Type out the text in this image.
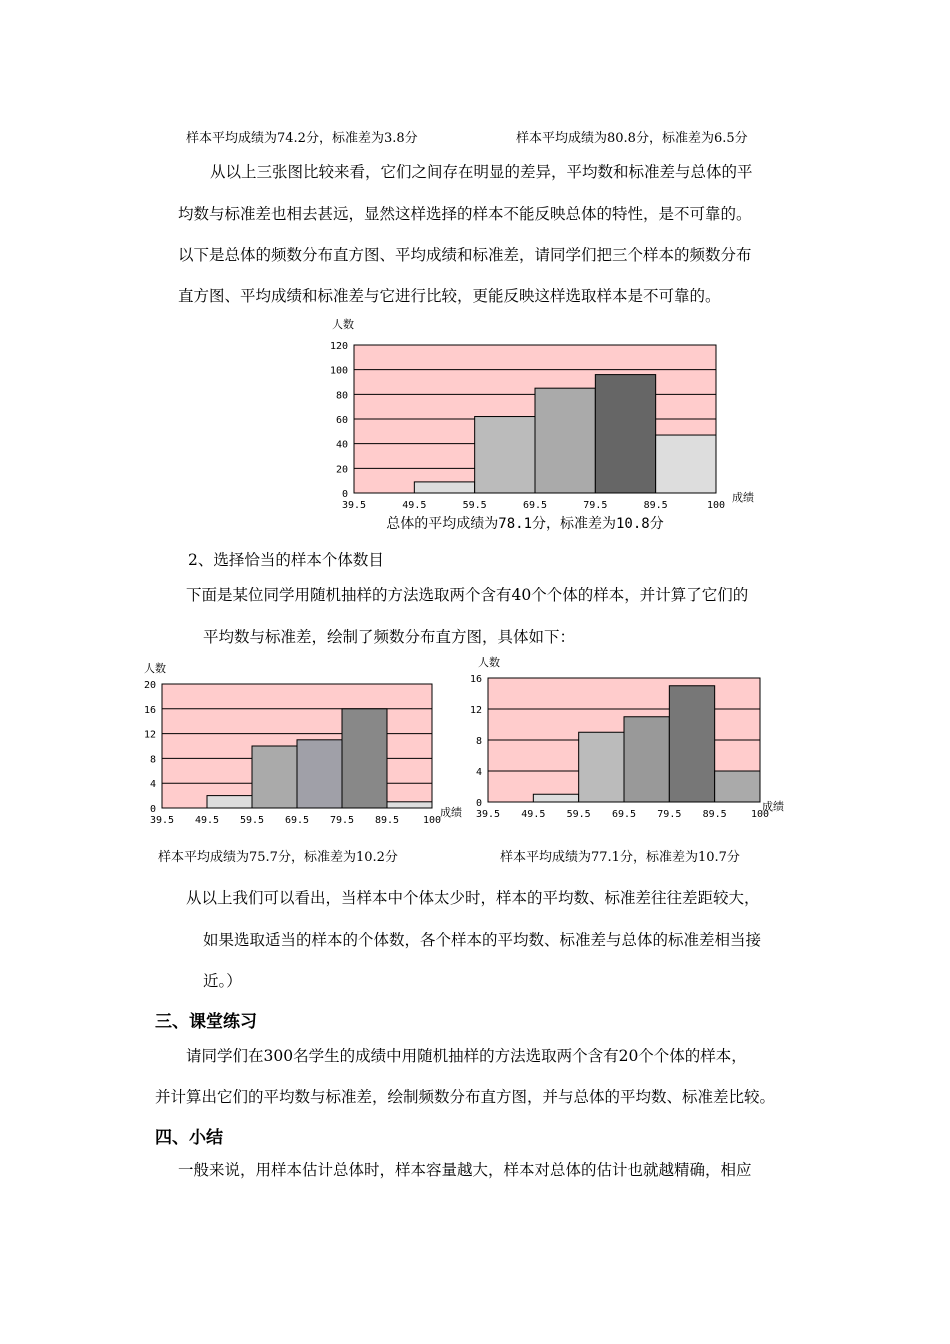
样本平均成绩为74.2分，标准差为3.8分	样本平均成绩为80.8分，标准差为6.5分
从以上三张图比较来看，它们之间存在明显的差异，平均数和标准差与总体的平
均数与标准差也相去甚远，显然这样选择的样本不能反映总体的特性，是不可靠的。
以下是总体的频数分布直方图、平均成绩和标准差，请同学们把三个样本的频数分布
直方图、平均成绩和标准差与它进行比较，更能反映这样选取样本是不可靠的。
0
20
40
60
80
100
120
39.5	49.5	59.5	69.5	79.5	89.5	100
人数
成绩
总体的平均成绩为78.1分，标准差为10.8分
2、选择恰当的样本个体数目
下面是某位同学用随机抽样的方法选取两个含有40个个体的样本，并计算了它们的
平均数与标准差，绘制了频数分布直方图，具体如下：
0
4
8
12
16
20
39.5 49.5 59.5 69.5 79.5 89.5 100
人数
成绩
0
4
8
12
16
39.5 49.5 59.5 69.5 79.5 89.5 100
人数
成绩
样本平均成绩为75.7分，标准差为10.2分	样本平均成绩为77.1分，标准差为10.7分
从以上我们可以看出，当样本中个体太少时，样本的平均数、标准差往往差距较大，
如果选取适当的样本的个体数，各个样本的平均数、标准差与总体的标准差相当接
近。）
三、课堂练习
请同学们在300名学生的成绩中用随机抽样的方法选取两个含有20个个体的样本，
并计算出它们的平均数与标准差，绘制频数分布直方图，并与总体的平均数、标准差比较。
四、小结
一般来说，用样本估计总体时，样本容量越大，样本对总体的估计也就越精确，相应
